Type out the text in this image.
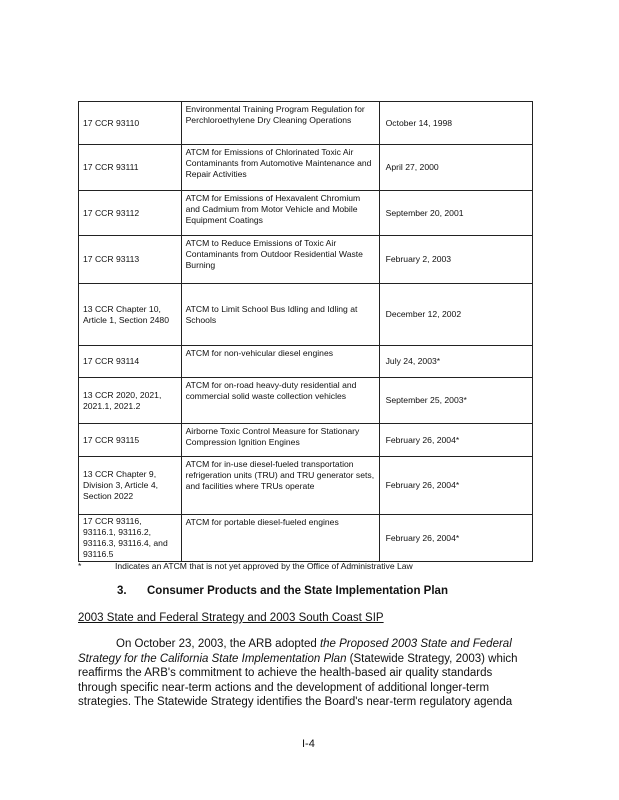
17 CCR 93110	Environmental Training Program Regulation for Perchloroethylene Dry Cleaning Operations	October 14, 1998
17 CCR 93111	ATCM for Emissions of Chlorinated Toxic Air Contaminants from Automotive Maintenance and Repair Activities	April 27, 2000
17 CCR 93112	ATCM for Emissions of Hexavalent Chromium and Cadmium from Motor Vehicle and Mobile Equipment Coatings	September 20, 2001
17 CCR 93113	ATCM to Reduce Emissions of Toxic Air Contaminants from Outdoor Residential Waste Burning	February 2, 2003
13 CCR Chapter 10, Article 1, Section 2480	ATCM to Limit School Bus Idling and Idling at Schools	December 12, 2002
17 CCR 93114	ATCM for non-vehicular diesel engines	July 24, 2003*
13 CCR 2020, 2021, 2021.1, 2021.2	ATCM for on-road heavy-duty residential and commercial solid waste collection vehicles	September 25, 2003*
17 CCR 93115	Airborne Toxic Control Measure for Stationary Compression Ignition Engines	February 26, 2004*
13 CCR Chapter 9, Division 3, Article 4, Section 2022	ATCM for in-use diesel-fueled transportation refrigeration units (TRU) and TRU generator sets, and facilities where TRUs operate	February 26, 2004*
17 CCR 93116, 93116.1, 93116.2, 93116.3, 93116.4, and 93116.5	ATCM for portable diesel-fueled engines	February 26, 2004*
*	Indicates an ATCM that is not yet approved by the Office of Administrative Law
3. Consumer Products and the State Implementation Plan
2003 State and Federal Strategy and 2003 South Coast SIP

On October 23, 2003, the ARB adopted the Proposed 2003 State and Federal Strategy for the California State Implementation Plan (Statewide Strategy, 2003) which reaffirms the ARB's commitment to achieve the health-based air quality standards through specific near-term actions and the development of additional longer-term strategies. The Statewide Strategy identifies the Board's near-term regulatory agenda

I-4
